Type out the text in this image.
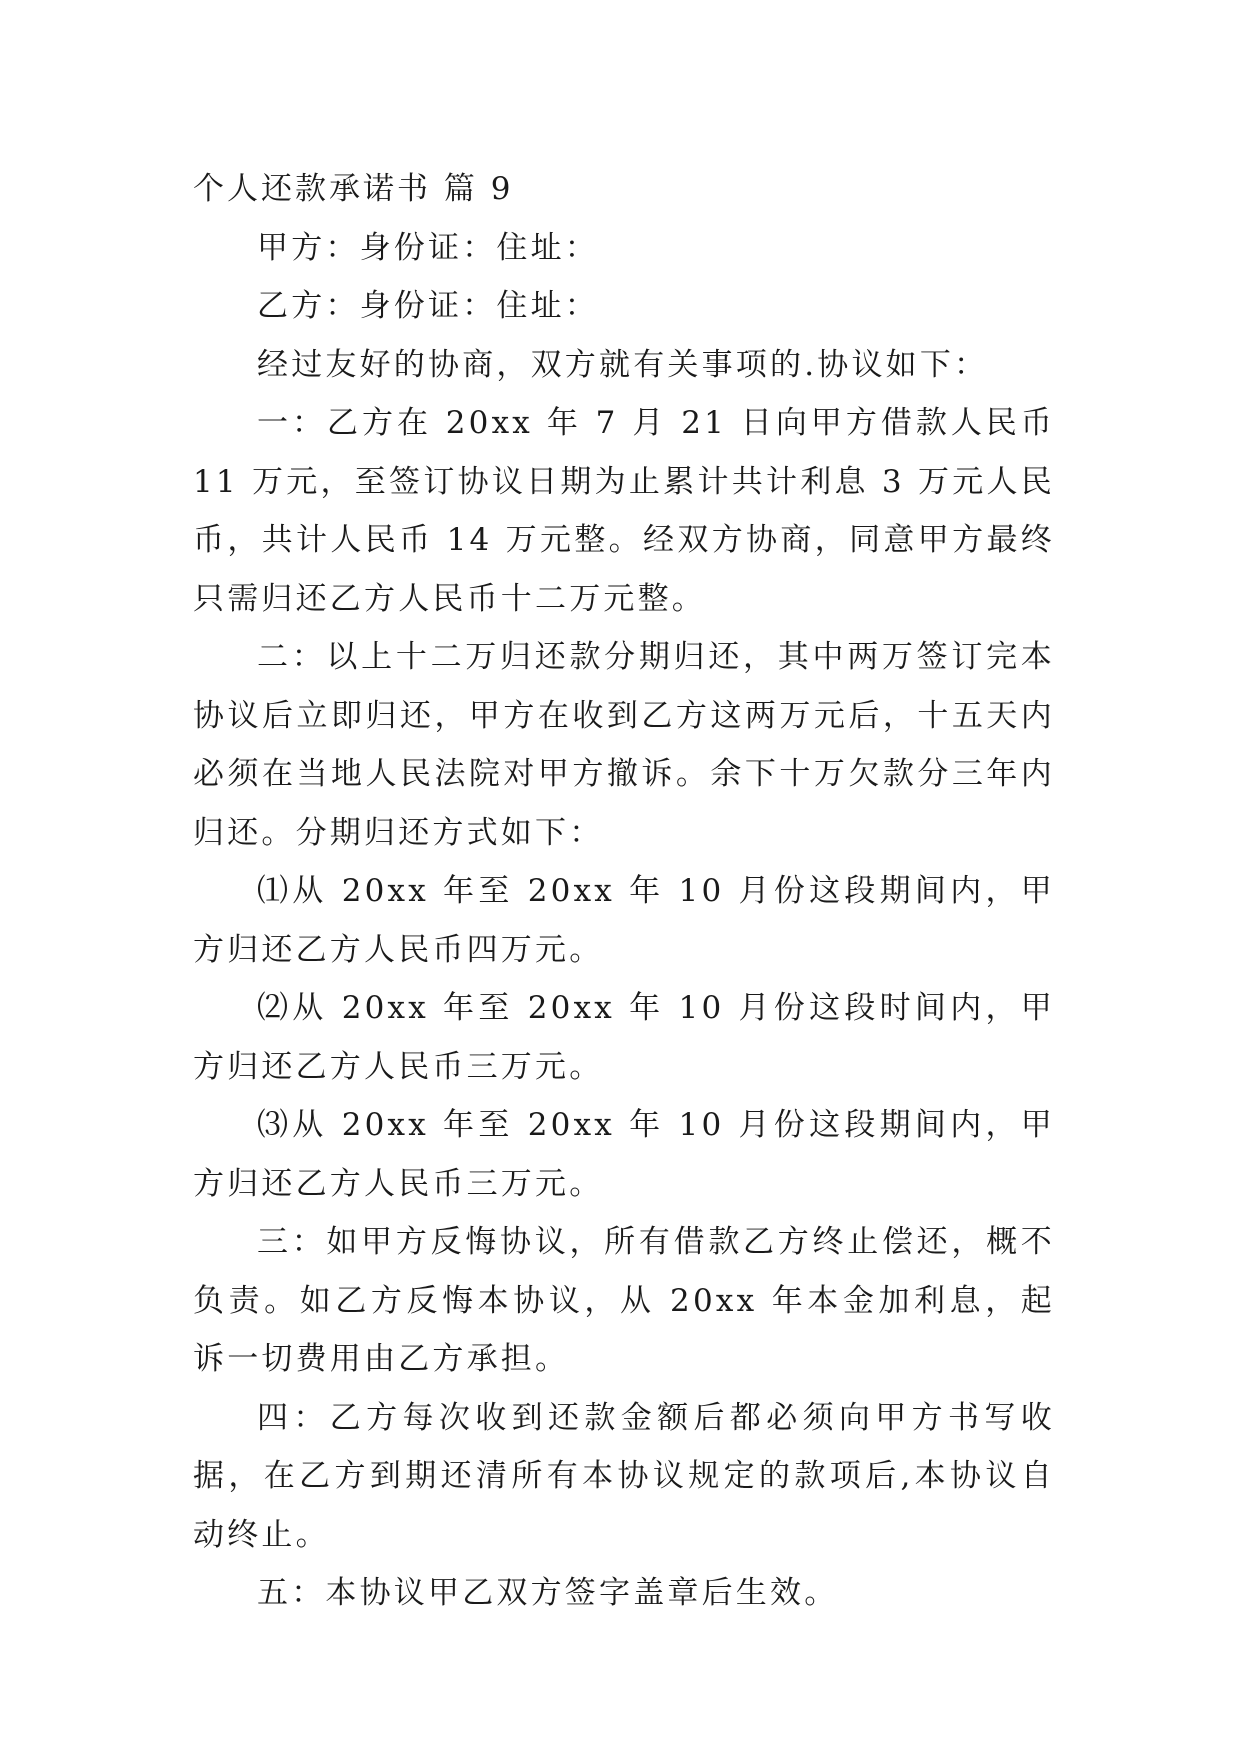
个人还款承诺书 篇 9

甲方：身份证：住址：

乙方：身份证：住址：

经过友好的协商，双方就有关事项的.协议如下：

一：乙方在 20xx 年 7 月 21 日向甲方借款人民币 11 万元，至签订协议日期为止累计共计利息 3 万元人民币，共计人民币 14 万元整。经双方协商，同意甲方最终只需归还乙方人民币十二万元整。

二：以上十二万归还款分期归还，其中两万签订完本协议后立即归还，甲方在收到乙方这两万元后，十五天内必须在当地人民法院对甲方撤诉。余下十万欠款分三年内归还。分期归还方式如下：

⑴从 20xx 年至 20xx 年 10 月份这段期间内，甲方归还乙方人民币四万元。

⑵从 20xx 年至 20xx 年 10 月份这段时间内，甲方归还乙方人民币三万元。

⑶从 20xx 年至 20xx 年 10 月份这段期间内，甲方归还乙方人民币三万元。

三：如甲方反悔协议，所有借款乙方终止偿还，概不负责。如乙方反悔本协议，从 20xx 年本金加利息，起诉一切费用由乙方承担。

四：乙方每次收到还款金额后都必须向甲方书写收据，在乙方到期还清所有本协议规定的款项后,本协议自动终止。

五：本协议甲乙双方签字盖章后生效。
